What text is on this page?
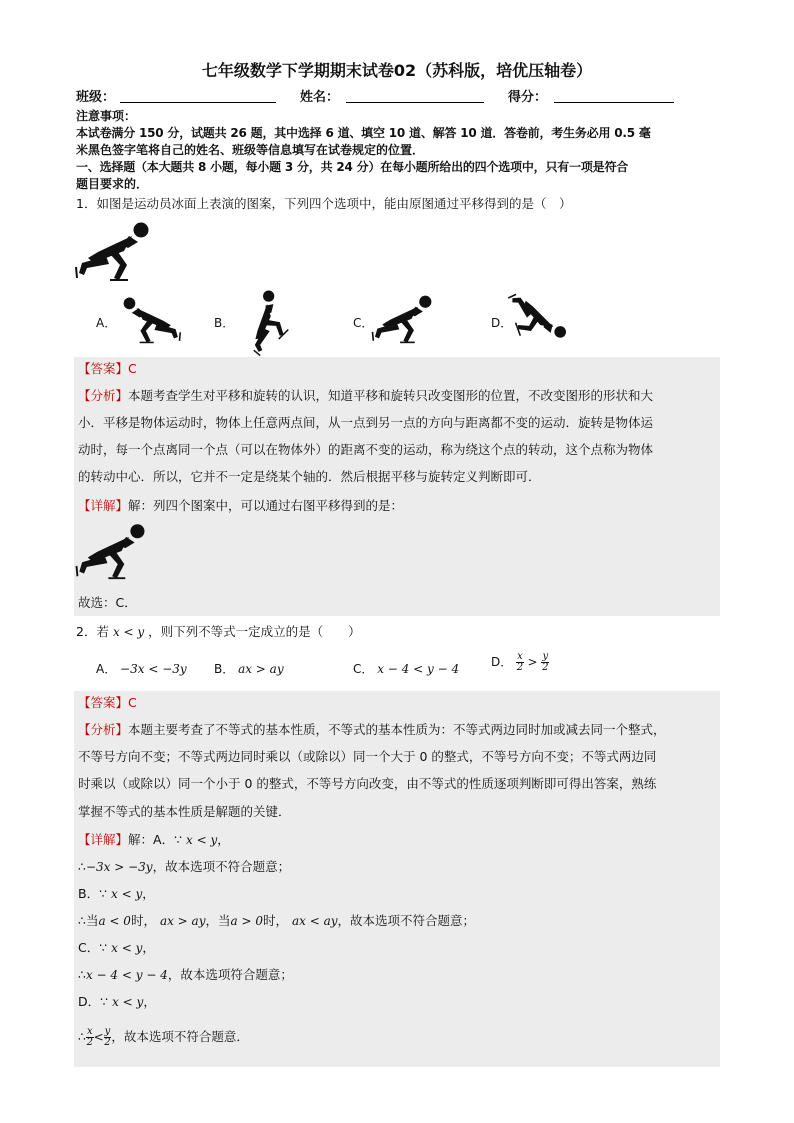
七年级数学下学期期末试卷02（苏科版，培优压轴卷）
班级：	姓名：	得分：
注意事项：
本试卷满分 150 分，试题共 26 题，其中选择 6 道、填空 10 道、解答 10 道．答卷前，考生务必用 0.5 毫
米黑色签字笔将自己的姓名、班级等信息填写在试卷规定的位置．
一、选择题（本大题共 8 小题，每小题 3 分，共 24 分）在每小题所给出的四个选项中，只有一项是符合
题目要求的．
1．如图是运动员冰面上表演的图案，下列四个选项中，能由原图通过平移得到的是（　）
A．	B．	C．	D．
【答案】C
【分析】本题考查学生对平移和旋转的认识，知道平移和旋转只改变图形的位置，不改变图形的形状和大
小．平移是物体运动时，物体上任意两点间，从一点到另一点的方向与距离都不变的运动．旋转是物体运
动时，每一个点离同一个点（可以在物体外）的距离不变的运动，称为绕这个点的转动，这个点称为物体
的转动中心．所以，它并不一定是绕某个轴的．然后根据平移与旋转定义判断即可．
【详解】解：列四个图案中，可以通过右图平移得到的是：
故选：C．
2．若 x < y ，则下列不等式一定成立的是（　　）
A． −3x < −3y B． ax > ay	C． x − 4 < y − 4	D． $\frac{x}{2} > \frac{y}{2}$
【答案】C
【分析】本题主要考查了不等式的基本性质，不等式的基本性质为：不等式两边同时加或减去同一个整式，
不等号方向不变；不等式两边同时乘以（或除以）同一个大于 0 的整式，不等号方向不变；不等式两边同
时乘以（或除以）同一个小于 0 的整式，不等号方向改变，由不等式的性质逐项判断即可得出答案，熟练
掌握不等式的基本性质是解题的关键．
【详解】解：A．∵ x < y，
∴−3x > −3y，故本选项不符合题意；
B．∵ x < y，
∴当a < 0时， ax > ay，当a > 0时， ax < ay，故本选项不符合题意；
C．∵ x < y，
∴x − 4 < y − 4，故本选项符合题意；
D．∵ x < y，
∴ $\frac{x}{2} < \frac{y}{2}$ ，故本选项不符合题意．
